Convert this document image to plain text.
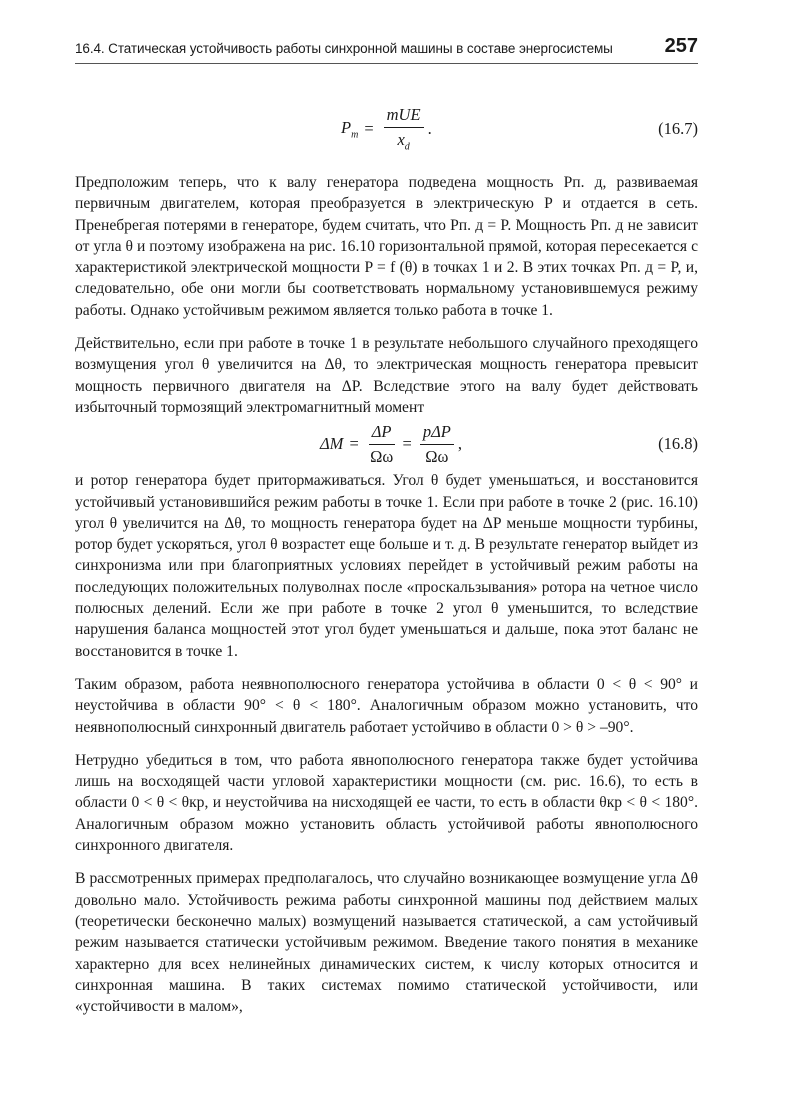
16.4. Статическая устойчивость работы синхронной машины в составе энергосистемы	257
$P_m = \frac{\text{mUE}}{x_d}$ .	(16.7)

Предположим теперь, что к валу генератора подведена мощность Pп. д, развиваемая первичным двигателем, которая преобразуется в электрическую P и отдается в сеть. Пренебрегая потерями в генераторе, будем считать, что Pп. д = P. Мощность Pп. д не зависит от угла θ и поэтому изображена на рис. 16.10 горизонтальной прямой, которая пересекается с характеристикой электрической мощности P = f (θ) в точках 1 и 2. В этих точках Pп. д = P, и, следовательно, обе они могли бы соответствовать нормальному установившемуся режиму работы. Однако устойчивым режимом является только работа в точке 1.

Действительно, если при работе в точке 1 в результате небольшого случайного преходящего возмущения угол θ увеличится на Δθ, то электрическая мощность генератора превысит мощность первичного двигателя на ΔP. Вследствие этого на валу будет действовать избыточный тормозящий электромагнитный момент

$\Delta M = \frac{\Delta P}{\Omega\omega} = \frac{\text{pΔP}}{\Omega\omega}$ ,	(16.8)

и ротор генератора будет притормаживаться. Угол θ будет уменьшаться, и восстановится устойчивый установившийся режим работы в точке 1. Если при работе в точке 2 (рис. 16.10) угол θ увеличится на Δθ, то мощность генератора будет на ΔP меньше мощности турбины, ротор будет ускоряться, угол θ возрастет еще больше и т. д. В результате генератор выйдет из синхронизма или при благоприятных условиях перейдет в устойчивый режим работы на последующих положительных полуволнах после «проскальзывания» ротора на четное число полюсных делений. Если же при работе в точке 2 угол θ уменьшится, то вследствие нарушения баланса мощностей этот угол будет уменьшаться и дальше, пока этот баланс не восстановится в точке 1.

Таким образом, работа неявнополюсного генератора устойчива в области 0 < θ < 90° и неустойчива в области 90° < θ < 180°. Аналогичным образом можно установить, что неявнополюсный синхронный двигатель работает устойчиво в области 0 > θ > –90°.

Нетрудно убедиться в том, что работа явнополюсного генератора также будет устойчива лишь на восходящей части угловой характеристики мощности (см. рис. 16.6), то есть в области 0 < θ < θкр, и неустойчива на нисходящей ее части, то есть в области θкр < θ < 180°. Аналогичным образом можно установить область устойчивой работы явнополюсного синхронного двигателя.

В рассмотренных примерах предполагалось, что случайно возникающее возмущение угла Δθ довольно мало. Устойчивость режима работы синхронной машины под действием малых (теоретически бесконечно малых) возмущений называется статической, а сам устойчивый режим называется статически устойчивым режимом. Введение такого понятия в механике характерно для всех нелинейных динамических систем, к числу которых относится и синхронная машина. В таких системах помимо статической устойчивости, или «устойчивости в малом»,
